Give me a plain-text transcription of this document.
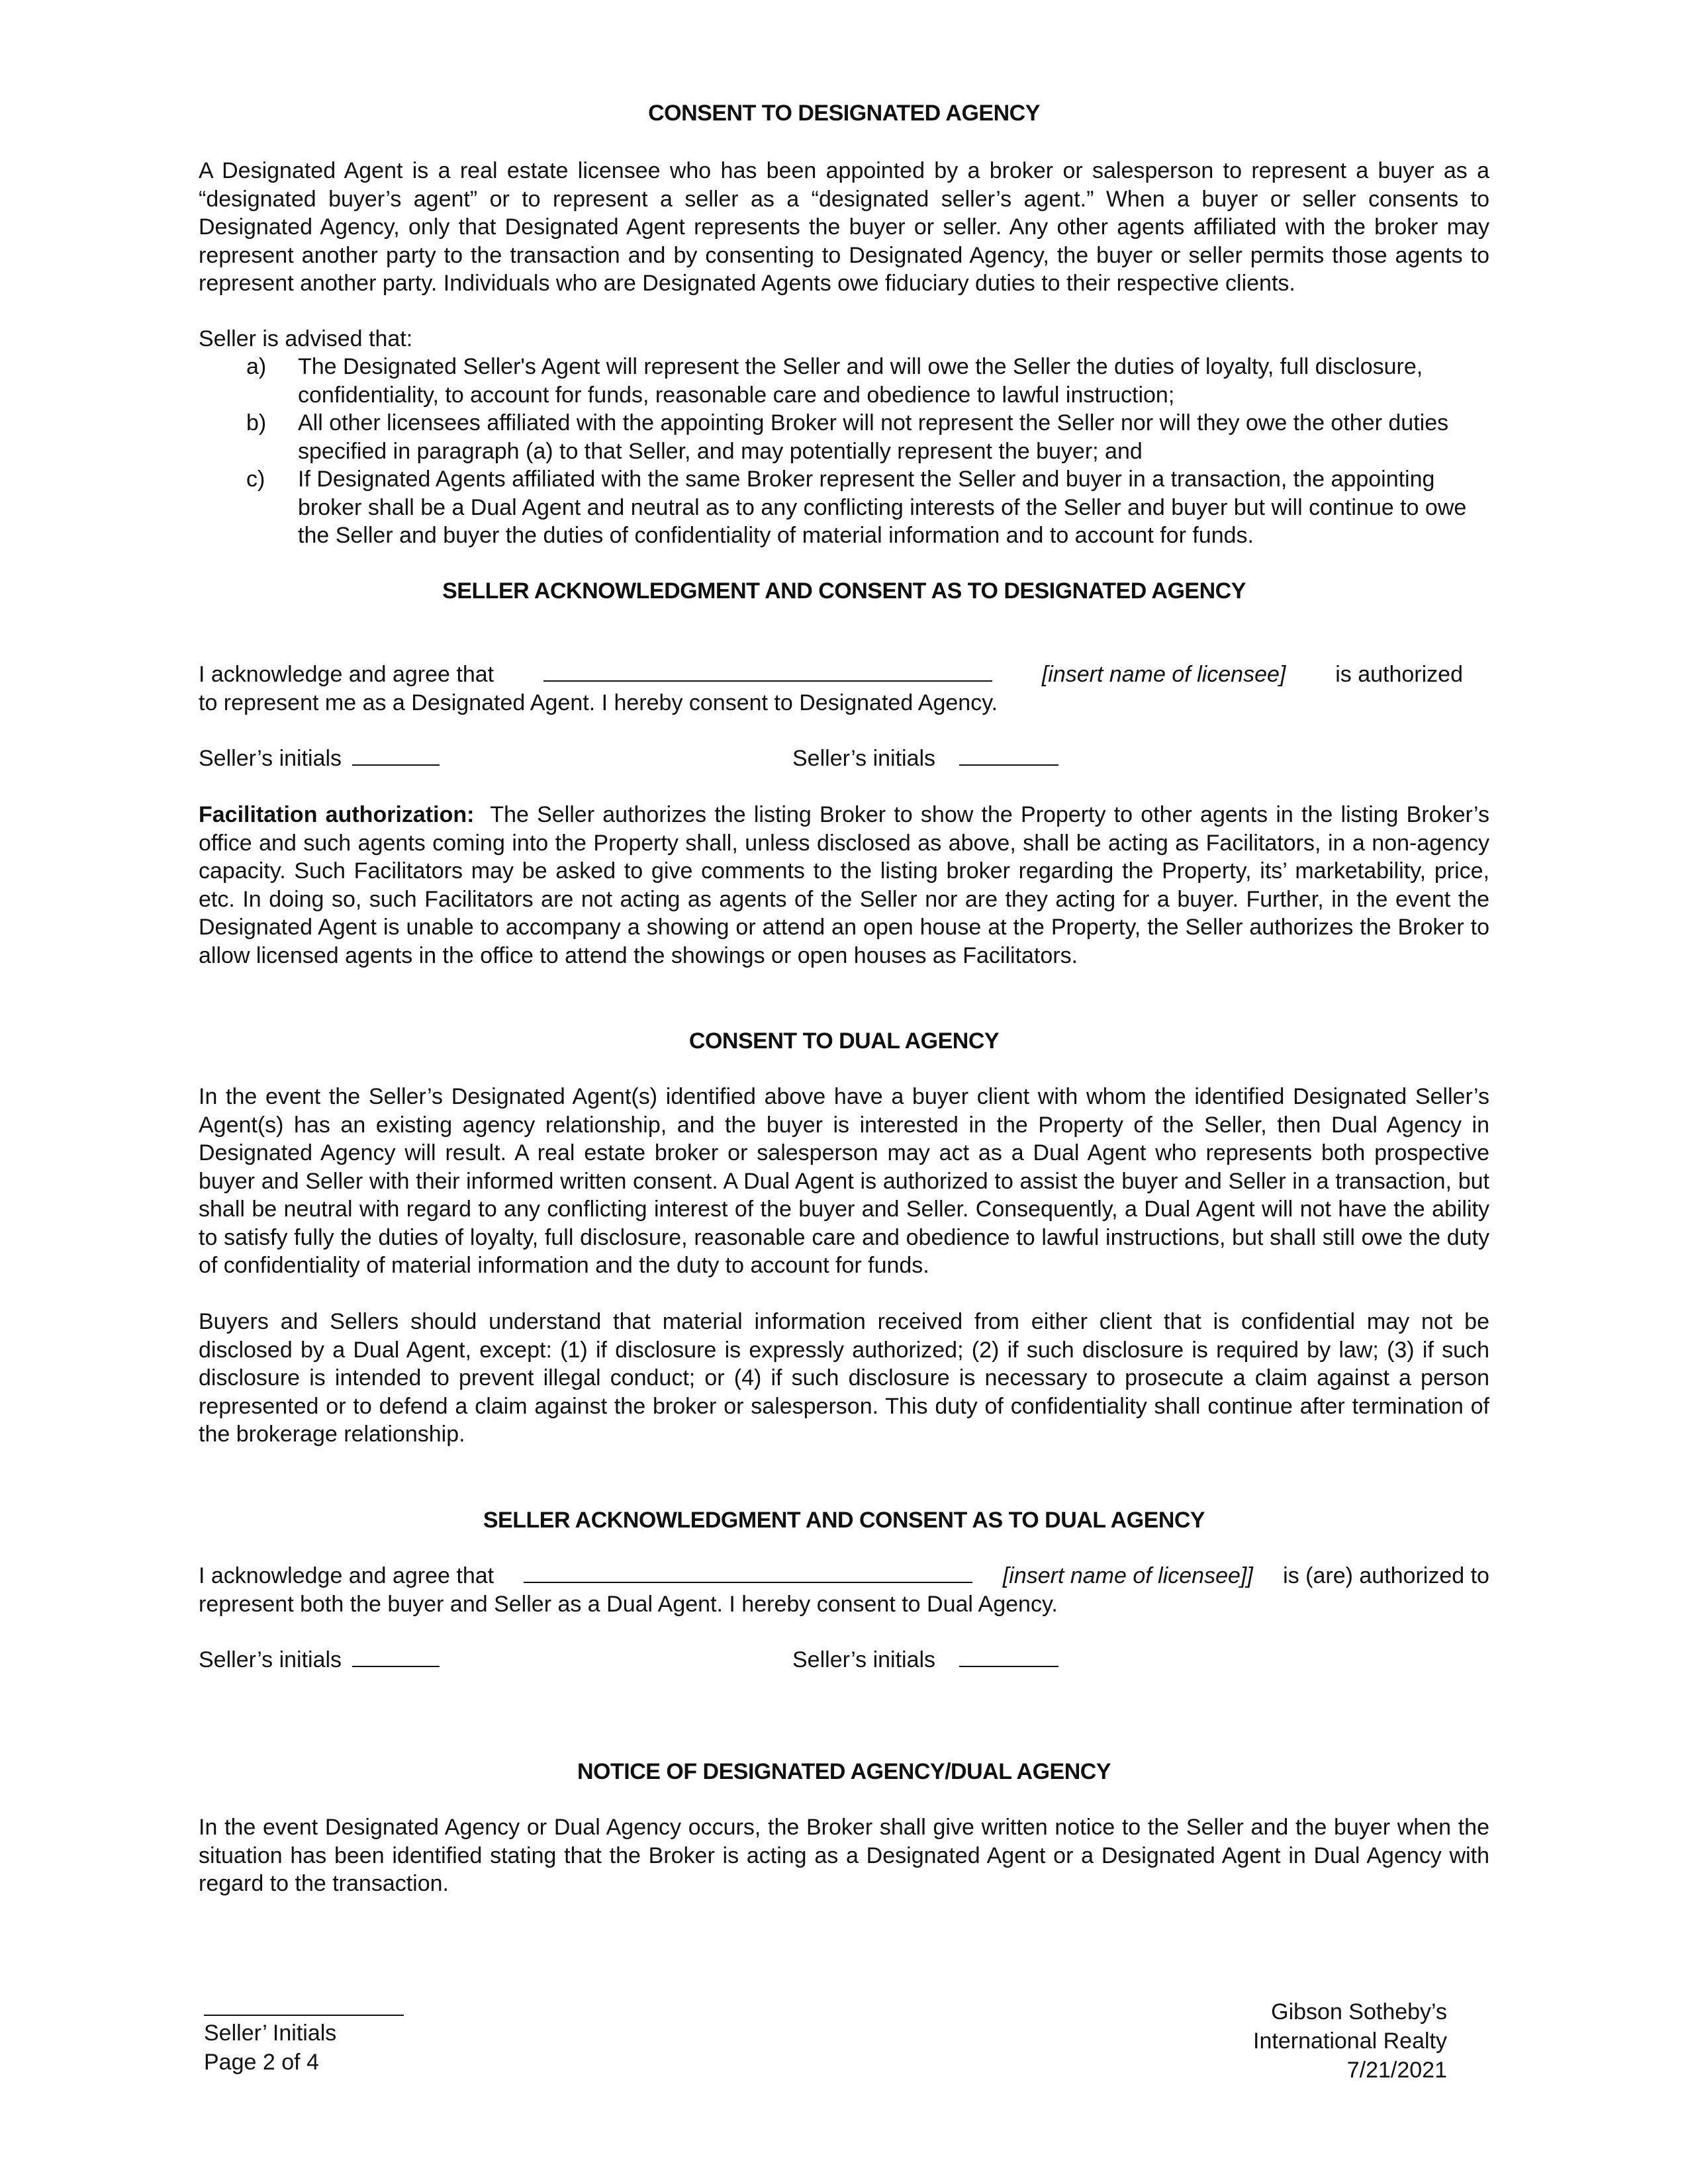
CONSENT TO DESIGNATED AGENCY

A Designated Agent is a real estate licensee who has been appointed by a broker or salesperson to represent a buyer as a “designated buyer’s agent” or to represent a seller as a “designated seller’s agent.” When a buyer or seller consents to Designated Agency, only that Designated Agent represents the buyer or seller. Any other agents affiliated with the broker may represent another party to the transaction and by consenting to Designated Agency, the buyer or seller permits those agents to represent another party. Individuals who are Designated Agents owe fiduciary duties to their respective clients.

Seller is advised that:

a)	The Designated Seller's Agent will represent the Seller and will owe the Seller the duties of loyalty, full disclosure, confidentiality, to account for funds, reasonable care and obedience to lawful instruction;
b)	All other licensees affiliated with the appointing Broker will not represent the Seller nor will they owe the other duties specified in paragraph (a) to that Seller, and may potentially represent the buyer; and
c)	If Designated Agents affiliated with the same Broker represent the Seller and buyer in a transaction, the appointing broker shall be a Dual Agent and neutral as to any conflicting interests of the Seller and buyer but will continue to owe the Seller and buyer the duties of confidentiality of material information and to account for funds.
SELLER ACKNOWLEDGMENT AND CONSENT AS TO DESIGNATED AGENCY
I acknowledge and agree that	[insert name of licensee] is authorized
to represent me as a Designated Agent. I hereby consent to Designated Agency.
Seller’s initials	Seller’s initials

Facilitation authorization: The Seller authorizes the listing Broker to show the Property to other agents in the listing Broker’s office and such agents coming into the Property shall, unless disclosed as above, shall be acting as Facilitators, in a non-agency capacity. Such Facilitators may be asked to give comments to the listing broker regarding the Property, its’ marketability, price, etc. In doing so, such Facilitators are not acting as agents of the Seller nor are they acting for a buyer. Further, in the event the Designated Agent is unable to accompany a showing or attend an open house at the Property, the Seller authorizes the Broker to allow licensed agents in the office to attend the showings or open houses as Facilitators.

CONSENT TO DUAL AGENCY

In the event the Seller’s Designated Agent(s) identified above have a buyer client with whom the identified Designated Seller’s Agent(s) has an existing agency relationship, and the buyer is interested in the Property of the Seller, then Dual Agency in Designated Agency will result. A real estate broker or salesperson may act as a Dual Agent who represents both prospective buyer and Seller with their informed written consent. A Dual Agent is authorized to assist the buyer and Seller in a transaction, but shall be neutral with regard to any conflicting interest of the buyer and Seller. Consequently, a Dual Agent will not have the ability to satisfy fully the duties of loyalty, full disclosure, reasonable care and obedience to lawful instructions, but shall still owe the duty of confidentiality of material information and the duty to account for funds.

Buyers and Sellers should understand that material information received from either client that is confidential may not be disclosed by a Dual Agent, except: (1) if disclosure is expressly authorized; (2) if such disclosure is required by law; (3) if such disclosure is intended to prevent illegal conduct; or (4) if such disclosure is necessary to prosecute a claim against a person represented or to defend a claim against the broker or salesperson. This duty of confidentiality shall continue after termination of the brokerage relationship.

SELLER ACKNOWLEDGMENT AND CONSENT AS TO DUAL AGENCY
I acknowledge and agree that	[insert name of licensee]] is (are) authorized to
represent both the buyer and Seller as a Dual Agent. I hereby consent to Dual Agency.
Seller’s initials	Seller’s initials
NOTICE OF DESIGNATED AGENCY/DUAL AGENCY

In the event Designated Agency or Dual Agency occurs, the Broker shall give written notice to the Seller and the buyer when the situation has been identified stating that the Broker is acting as a Designated Agent or a Designated Agent in Dual Agency with regard to the transaction.

Seller’ Initials
Page 2 of 4
Gibson Sotheby’s
International Realty
7/21/2021
